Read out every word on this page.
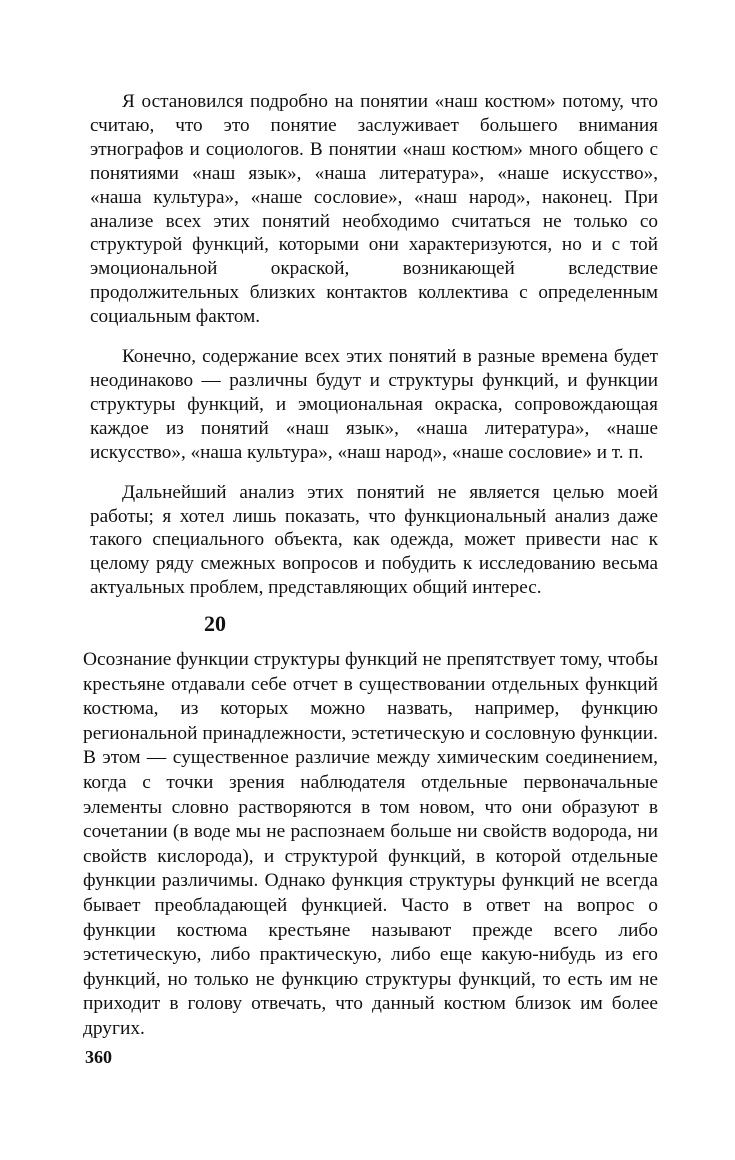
Я остановился подробно на понятии «наш костюм» потому, что считаю, что это понятие заслуживает большего внимания этнографов и социологов. В понятии «наш костюм» много общего с понятиями «наш язык», «наша литература», «наше искусство», «наша культура», «наше сословие», «наш народ», наконец. При анализе всех этих понятий необходимо считаться не только со структурой функций, которыми они характеризуются, но и с той эмоциональной окраской, возникающей вследствие продолжительных близких контактов коллектива с определенным социальным фактом.

Конечно, содержание всех этих понятий в разные времена будет неодинаково — различны будут и структуры функций, и функции структуры функций, и эмоциональная окраска, сопровождающая каждое из понятий «наш язык», «наша литература», «наше искусство», «наша культура», «наш народ», «наше сословие» и т. п.

Дальнейший анализ этих понятий не является целью моей работы; я хотел лишь показать, что функциональный анализ даже такого специального объекта, как одежда, может привести нас к целому ряду смежных вопросов и побудить к исследованию весьма актуальных проблем, представляющих общий интерес.

20

Осознание функции структуры функций не препятствует тому, чтобы крестьяне отдавали себе отчет в существовании отдельных функций костюма, из которых можно назвать, например, функцию региональной принадлежности, эстетическую и сословную функции. В этом — существенное различие между химическим соединением, когда с точки зрения наблюдателя отдельные первоначальные элементы словно растворяются в том новом, что они образуют в сочетании (в воде мы не распознаем больше ни свойств водорода, ни свойств кислорода), и структурой функций, в которой отдельные функции различимы. Однако функция структуры функций не всегда бывает преобладающей функцией. Часто в ответ на вопрос о функции костюма крестьяне называют прежде всего либо эстетическую, либо практическую, либо еще какую-нибудь из его функций, но только не функцию структуры функций, то есть им не приходит в голову отвечать, что данный костюм близок им более других.

360
